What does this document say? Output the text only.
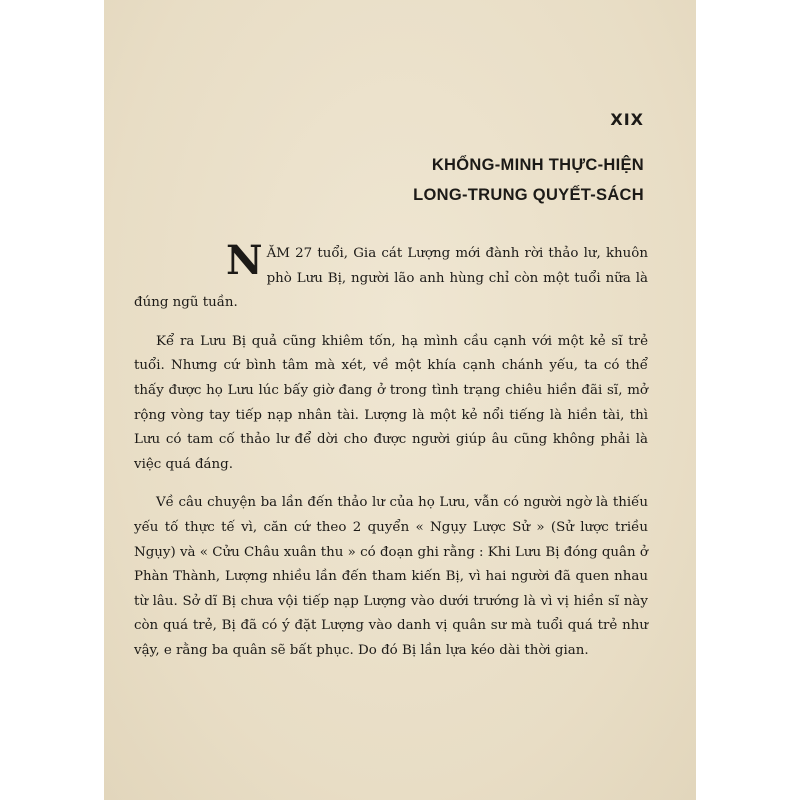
XIX

KHỔNG-MINH THỰC-HIỆN
LONG-TRUNG QUYẾT-SÁCH

NĂM 27 tuổi, Gia cát Lượng mới đành rời thảo lư, khuôn phò Lưu Bị, người lão anh hùng chỉ còn một tuổi nữa là đúng ngũ tuần.

Kể ra Lưu Bị quả cũng khiêm tốn, hạ mình cầu cạnh với một kẻ sĩ trẻ tuổi. Nhưng cứ bình tâm mà xét, về một khía cạnh chánh yếu, ta có thể thấy được họ Lưu lúc bấy giờ đang ở trong tình trạng chiêu hiền đãi sĩ, mở rộng vòng tay tiếp nạp nhân tài. Lượng là một kẻ nổi tiếng là hiền tài, thì Lưu có tam cố thảo lư để dời cho được người giúp âu cũng không phải là việc quá đáng.

Về câu chuyện ba lần đến thảo lư của họ Lưu, vẫn có người ngờ là thiếu yếu tố thực tế vì, căn cứ theo 2 quyển « Ngụy Lược Sử » (Sử lược triều Ngụy) và « Cửu Châu xuân thu » có đoạn ghi rằng : Khi Lưu Bị đóng quân ở Phàn Thành, Lượng nhiều lần đến tham kiến Bị, vì hai người đã quen nhau từ lâu. Sở dĩ Bị chưa vội tiếp nạp Lượng vào dưới trướng là vì vị hiền sĩ này còn quá trẻ, Bị đã có ý đặt Lượng vào danh vị quân sư mà tuổi quá trẻ như vậy, e rằng ba quân sẽ bất phục. Do đó Bị lần lựa kéo dài thời gian.
